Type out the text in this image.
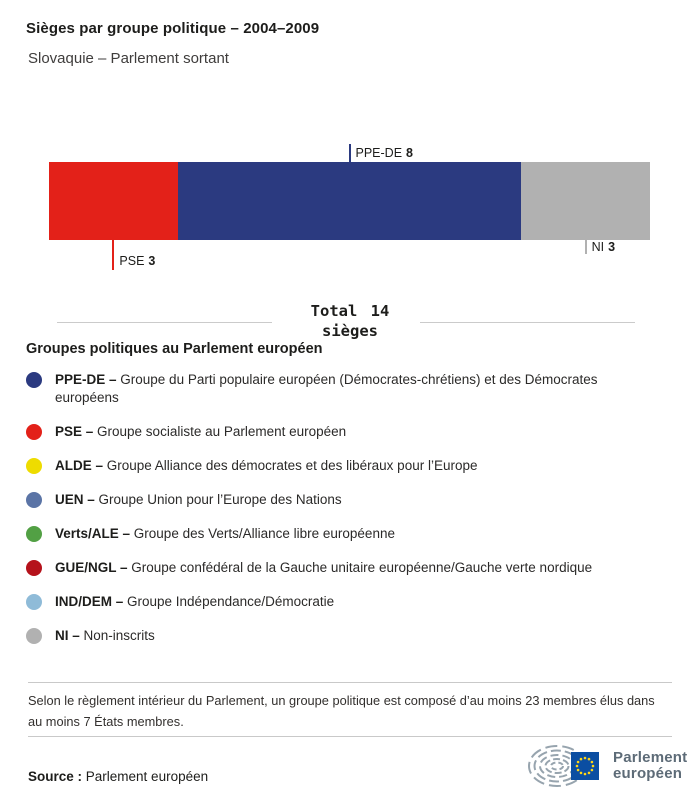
Sièges par groupe politique – 2004–2009
Slovaquie – Parlement sortant
PPE-DE 8
PSE 3
NI 3
Total 14
sièges
Groupes politiques au Parlement européen
PPE-DE – Groupe du Parti populaire européen (Démocrates-chrétiens) et des Démocrates européens
PSE – Groupe socialiste au Parlement européen
ALDE – Groupe Alliance des démocrates et des libéraux pour l’Europe
UEN – Groupe Union pour l’Europe des Nations
Verts/ALE – Groupe des Verts/Alliance libre européenne
GUE/NGL – Groupe confédéral de la Gauche unitaire européenne/Gauche verte nordique
IND/DEM – Groupe Indépendance/Démocratie
NI – Non-inscrits

Selon le règlement intérieur du Parlement, un groupe politique est composé d’au moins 23 membres élus dans au moins 7 États membres.

Source : Parlement européen
Parlement
européen
